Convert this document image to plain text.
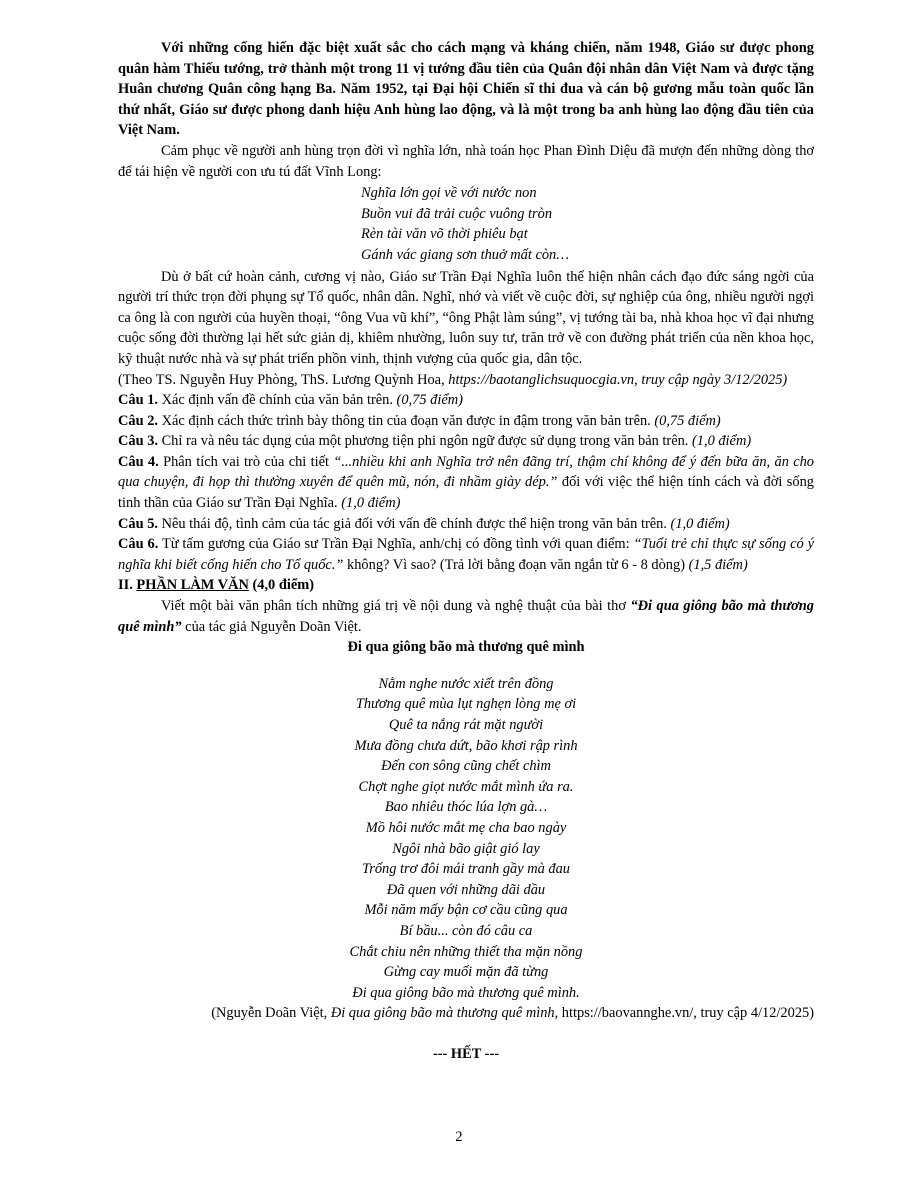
Với những cống hiến đặc biệt xuất sắc cho cách mạng và kháng chiến, năm 1948, Giáo sư được phong quân hàm Thiếu tướng, trở thành một trong 11 vị tướng đầu tiên của Quân đội nhân dân Việt Nam và được tặng Huân chương Quân công hạng Ba. Năm 1952, tại Đại hội Chiến sĩ thi đua và cán bộ gương mẫu toàn quốc lần thứ nhất, Giáo sư được phong danh hiệu Anh hùng lao động, và là một trong ba anh hùng lao động đầu tiên của Việt Nam.

Cảm phục về người anh hùng trọn đời vì nghĩa lớn, nhà toán học Phan Đình Diệu đã mượn đến những dòng thơ để tái hiện về người con ưu tú đất Vĩnh Long:

Nghĩa lớn gọi về với nước non
Buồn vui đã trải cuộc vuông tròn
Rèn tài văn võ thời phiêu bạt
Gánh vác giang sơn thuở mất còn…

Dù ở bất cứ hoàn cảnh, cương vị nào, Giáo sư Trần Đại Nghĩa luôn thể hiện nhân cách đạo đức sáng ngời của người trí thức trọn đời phụng sự Tổ quốc, nhân dân. Nghĩ, nhớ và viết về cuộc đời, sự nghiệp của ông, nhiều người ngợi ca ông là con người của huyền thoại, “ông Vua vũ khí”, “ông Phật làm súng”, vị tướng tài ba, nhà khoa học vĩ đại nhưng cuộc sống đời thường lại hết sức giản dị, khiêm nhường, luôn suy tư, trăn trở về con đường phát triển của nền khoa học, kỹ thuật nước nhà và sự phát triển phồn vinh, thịnh vượng của quốc gia, dân tộc.

(Theo TS. Nguyễn Huy Phòng, ThS. Lương Quỳnh Hoa, https://baotanglichsuquocgia.vn, truy cập ngày 3/12/2025)

Câu 1. Xác định vấn đề chính của văn bản trên. (0,75 điểm)

Câu 2. Xác định cách thức trình bày thông tin của đoạn văn được in đậm trong văn bản trên. (0,75 điểm)

Câu 3. Chỉ ra và nêu tác dụng của một phương tiện phi ngôn ngữ được sử dụng trong văn bản trên. (1,0 điểm)

Câu 4. Phân tích vai trò của chi tiết “...nhiều khi anh Nghĩa trở nên đãng trí, thậm chí không để ý đến bữa ăn, ăn cho qua chuyện, đi họp thì thường xuyên để quên mũ, nón, đi nhầm giày dép.” đối với việc thể hiện tính cách và đời sống tinh thần của Giáo sư Trần Đại Nghĩa. (1,0 điểm)

Câu 5. Nêu thái độ, tình cảm của tác giả đối với vấn đề chính được thể hiện trong văn bản trên. (1,0 điểm)

Câu 6. Từ tấm gương của Giáo sư Trần Đại Nghĩa, anh/chị có đồng tình với quan điểm: “Tuổi trẻ chỉ thực sự sống có ý nghĩa khi biết cống hiến cho Tổ quốc.” không? Vì sao? (Trả lời bằng đoạn văn ngắn từ 6 - 8 dòng) (1,5 điểm)

II. PHẦN LÀM VĂN (4,0 điểm)

Viết một bài văn phân tích những giá trị về nội dung và nghệ thuật của bài thơ “Đi qua giông bão mà thương quê mình” của tác giả Nguyễn Doãn Việt.

Đi qua giông bão mà thương quê mình

Nằm nghe nước xiết trên đồng
Thương quê mùa lụt nghẹn lòng mẹ ơi
Quê ta nắng rát mặt người
Mưa đồng chưa dứt, bão khơi rập rình
Đến con sông cũng chết chìm
Chợt nghe giọt nước mắt mình ứa ra.
Bao nhiêu thóc lúa lợn gà…
Mồ hôi nước mắt mẹ cha bao ngày
Ngôi nhà bão giật gió lay
Trống trơ đôi mái tranh gầy mà đau
Đã quen với những dãi dầu
Mỗi năm mấy bận cơ cầu cũng qua
Bí bầu... còn đó câu ca
Chắt chiu nên những thiết tha mặn nồng
Gừng cay muối mặn đã từng
Đi qua giông bão mà thương quê mình.

(Nguyễn Doãn Việt, Đi qua giông bão mà thương quê mình, https://baovannghe.vn/, truy cập 4/12/2025)

--- HẾT ---

2
